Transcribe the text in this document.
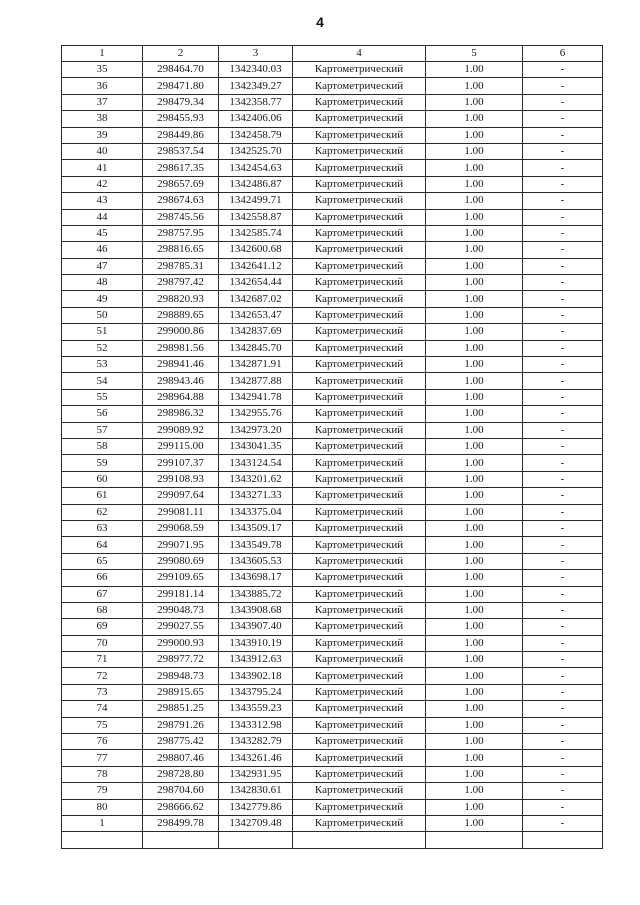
4
1	2	3	4	5	6
35	298464.70	1342340.03	Картометрический	1.00	-
36	298471.80	1342349.27	Картометрический	1.00	-
37	298479.34	1342358.77	Картометрический	1.00	-
38	298455.93	1342406.06	Картометрический	1.00	-
39	298449.86	1342458.79	Картометрический	1.00	-
40	298537.54	1342525.70	Картометрический	1.00	-
41	298617.35	1342454.63	Картометрический	1.00	-
42	298657.69	1342486.87	Картометрический	1.00	-
43	298674.63	1342499.71	Картометрический	1.00	-
44	298745.56	1342558.87	Картометрический	1.00	-
45	298757.95	1342585.74	Картометрический	1.00	-
46	298816.65	1342600.68	Картометрический	1.00	-
47	298785.31	1342641.12	Картометрический	1.00	-
48	298797.42	1342654.44	Картометрический	1.00	-
49	298820.93	1342687.02	Картометрический	1.00	-
50	298889.65	1342653.47	Картометрический	1.00	-
51	299000.86	1342837.69	Картометрический	1.00	-
52	298981.56	1342845.70	Картометрический	1.00	-
53	298941.46	1342871.91	Картометрический	1.00	-
54	298943.46	1342877.88	Картометрический	1.00	-
55	298964.88	1342941.78	Картометрический	1.00	-
56	298986.32	1342955.76	Картометрический	1.00	-
57	299089.92	1342973.20	Картометрический	1.00	-
58	299115.00	1343041.35	Картометрический	1.00	-
59	299107.37	1343124.54	Картометрический	1.00	-
60	299108.93	1343201.62	Картометрический	1.00	-
61	299097.64	1343271.33	Картометрический	1.00	-
62	299081.11	1343375.04	Картометрический	1.00	-
63	299068.59	1343509.17	Картометрический	1.00	-
64	299071.95	1343549.78	Картометрический	1.00	-
65	299080.69	1343605.53	Картометрический	1.00	-
66	299109.65	1343698.17	Картометрический	1.00	-
67	299181.14	1343885.72	Картометрический	1.00	-
68	299048.73	1343908.68	Картометрический	1.00	-
69	299027.55	1343907.40	Картометрический	1.00	-
70	299000.93	1343910.19	Картометрический	1.00	-
71	298977.72	1343912.63	Картометрический	1.00	-
72	298948.73	1343902.18	Картометрический	1.00	-
73	298915.65	1343795.24	Картометрический	1.00	-
74	298851.25	1343559.23	Картометрический	1.00	-
75	298791.26	1343312.98	Картометрический	1.00	-
76	298775.42	1343282.79	Картометрический	1.00	-
77	298807.46	1343261.46	Картометрический	1.00	-
78	298728.80	1342931.95	Картометрический	1.00	-
79	298704.60	1342830.61	Картометрический	1.00	-
80	298666.62	1342779.86	Картометрический	1.00	-
1	298499.78	1342709.48	Картометрический	1.00	-
